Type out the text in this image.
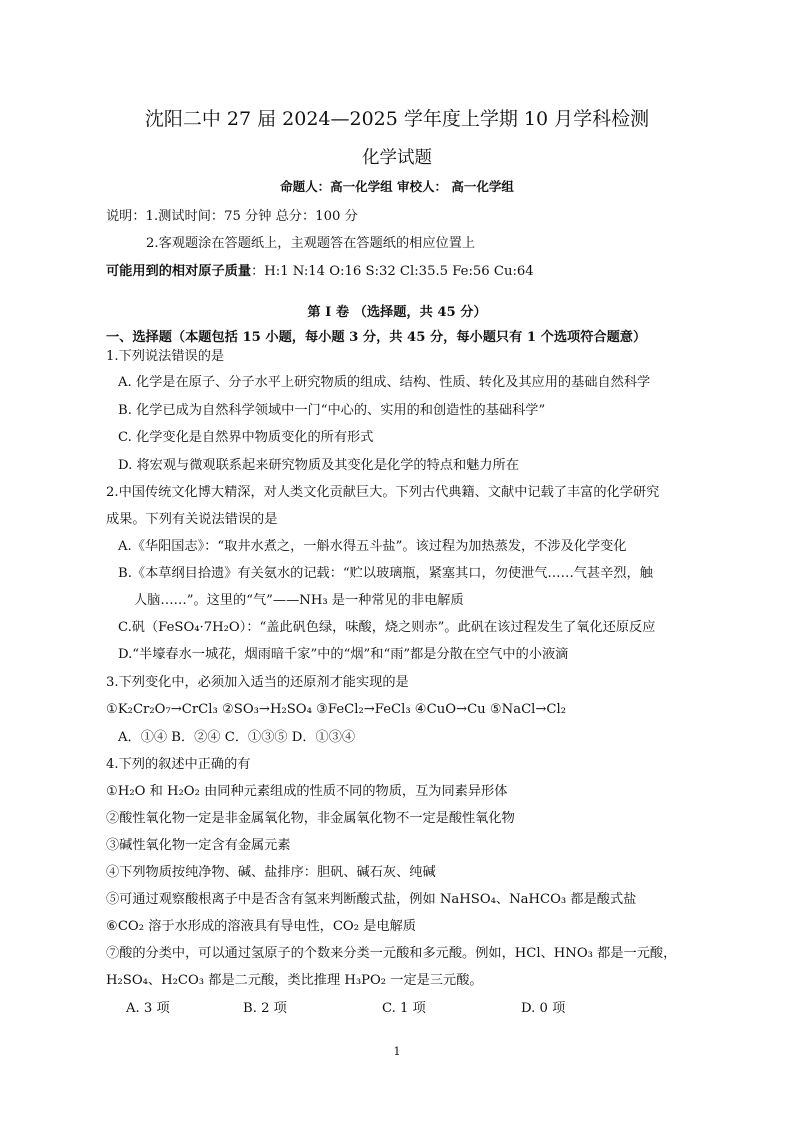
沈阳二中 27 届 2024—2025 学年度上学期 10 月学科检测
化学试题
命题人：高一化学组 审校人： 高一化学组
说明：1.测试时间：75 分钟 总分：100 分
2.客观题涂在答题纸上，主观题答在答题纸的相应位置上
可能用到的相对原子质量：H:1 N:14 O:16 S:32 Cl:35.5 Fe:56 Cu:64
第 I 卷 （选择题，共 45 分）
一、选择题（本题包括 15 小题，每小题 3 分，共 45 分，每小题只有 1 个选项符合题意）
1.下列说法错误的是
A. 化学是在原子、分子水平上研究物质的组成、结构、性质、转化及其应用的基础自然科学
B. 化学已成为自然科学领域中一门“中心的、实用的和创造性的基础科学”
C. 化学变化是自然界中物质变化的所有形式
D. 将宏观与微观联系起来研究物质及其变化是化学的特点和魅力所在
2.中国传统文化博大精深，对人类文化贡献巨大。下列古代典籍、文献中记载了丰富的化学研究
成果。下列有关说法错误的是
A.《华阳国志》：“取井水煮之，一斛水得五斗盐”。该过程为加热蒸发，不涉及化学变化
B.《本草纲目拾遗》有关氨水的记载：“贮以玻璃瓶，紧塞其口，勿使泄气……气甚辛烈，触
人脑……”。这里的“气”——NH₃ 是一种常见的非电解质
C.矾（FeSO₄·7H₂O）：“盖此矾色绿，味酸，烧之则赤”。此矾在该过程发生了氧化还原反应
D.“半壕春水一城花，烟雨暗千家”中的“烟”和“雨”都是分散在空气中的小液滴
3.下列变化中，必须加入适当的还原剂才能实现的是
①K₂Cr₂O₇→CrCl₃ ②SO₃→H₂SO₄ ③FeCl₂→FeCl₃ ④CuO→Cu ⑤NaCl→Cl₂
A．①④ B．②④ C．①③⑤ D．①③④
4.下列的叙述中正确的有
①H₂O 和 H₂O₂ 由同种元素组成的性质不同的物质，互为同素异形体
②酸性氧化物一定是非金属氧化物，非金属氧化物不一定是酸性氧化物
③碱性氧化物一定含有金属元素
④下列物质按纯净物、碱、盐排序：胆矾、碱石灰、纯碱
⑤可通过观察酸根离子中是否含有氢来判断酸式盐，例如 NaHSO₄、NaHCO₃ 都是酸式盐
⑥CO₂ 溶于水形成的溶液具有导电性，CO₂ 是电解质
⑦酸的分类中，可以通过氢原子的个数来分类一元酸和多元酸。例如，HCl、HNO₃ 都是一元酸，
H₂SO₄、H₂CO₃ 都是二元酸，类比推理 H₃PO₂ 一定是三元酸。
A. 3 项	B. 2 项	C. 1 项	D. 0 项
1
